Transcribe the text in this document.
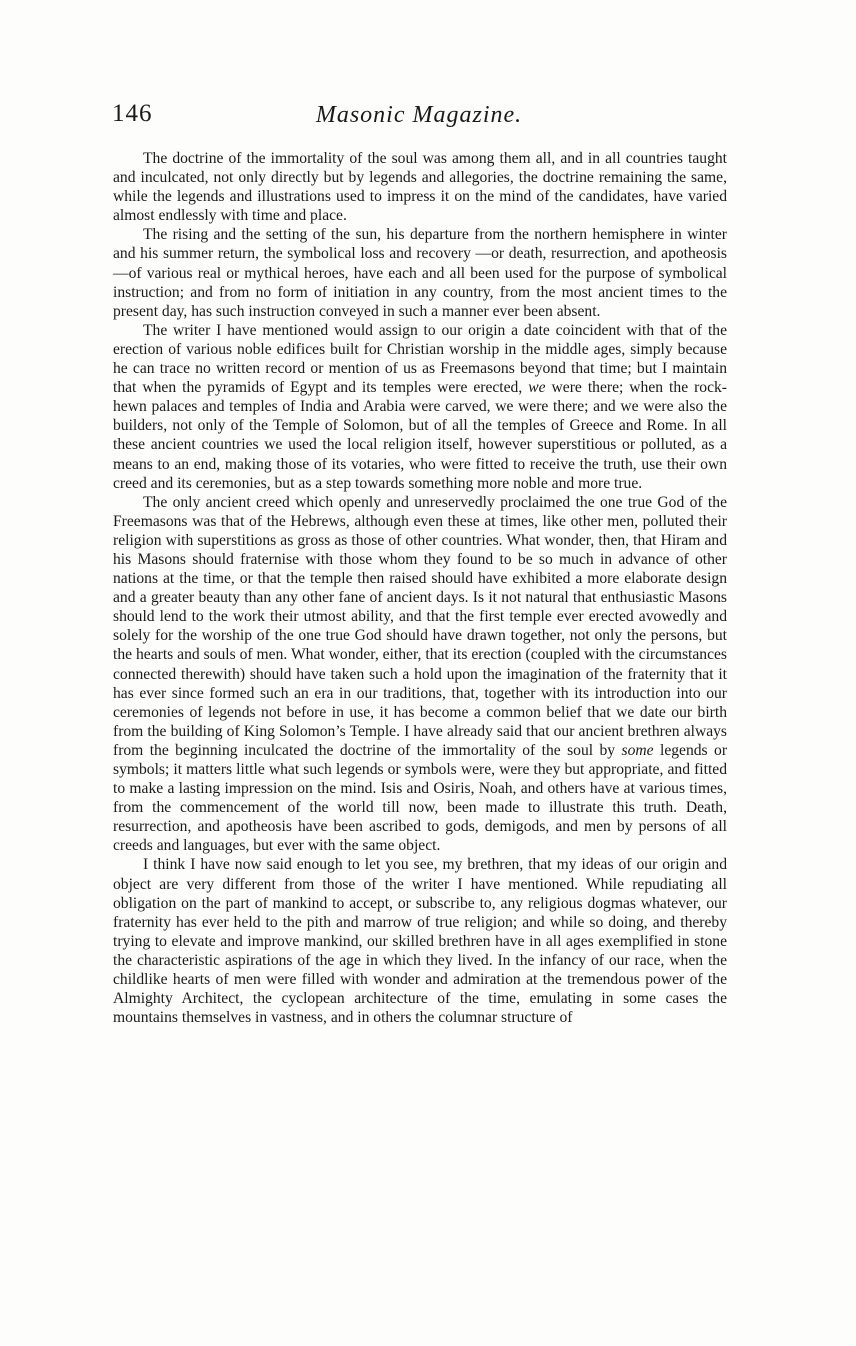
146	Masonic Magazine.

The doctrine of the immortality of the soul was among them all, and in all countries taught and inculcated, not only directly but by legends and allegories, the doctrine remaining the same, while the legends and illustrations used to impress it on the mind of the candidates, have varied almost endlessly with time and place.

The rising and the setting of the sun, his departure from the northern hemisphere in winter and his summer return, the symbolical loss and recovery —or death, resurrection, and apotheosis—of various real or mythical heroes, have each and all been used for the purpose of symbolical instruction; and from no form of initiation in any country, from the most ancient times to the present day, has such instruction conveyed in such a manner ever been absent.

The writer I have mentioned would assign to our origin a date coincident with that of the erection of various noble edifices built for Christian worship in the middle ages, simply because he can trace no written record or mention of us as Freemasons beyond that time; but I maintain that when the pyramids of Egypt and its temples were erected, we were there; when the rock-hewn palaces and temples of India and Arabia were carved, we were there; and we were also the builders, not only of the Temple of Solomon, but of all the temples of Greece and Rome. In all these ancient countries we used the local religion itself, however superstitious or polluted, as a means to an end, making those of its votaries, who were fitted to receive the truth, use their own creed and its ceremonies, but as a step towards something more noble and more true.

The only ancient creed which openly and unreservedly proclaimed the one true God of the Freemasons was that of the Hebrews, although even these at times, like other men, polluted their religion with superstitions as gross as those of other countries. What wonder, then, that Hiram and his Masons should fraternise with those whom they found to be so much in advance of other nations at the time, or that the temple then raised should have exhibited a more elaborate design and a greater beauty than any other fane of ancient days. Is it not natural that enthusiastic Masons should lend to the work their utmost ability, and that the first temple ever erected avowedly and solely for the worship of the one true God should have drawn together, not only the persons, but the hearts and souls of men. What wonder, either, that its erection (coupled with the circumstances connected therewith) should have taken such a hold upon the imagination of the fraternity that it has ever since formed such an era in our traditions, that, together with its introduction into our ceremonies of legends not before in use, it has become a common belief that we date our birth from the building of King Solomon’s Temple. I have already said that our ancient brethren always from the beginning inculcated the doctrine of the immortality of the soul by some legends or symbols; it matters little what such legends or symbols were, were they but appropriate, and fitted to make a lasting impression on the mind. Isis and Osiris, Noah, and others have at various times, from the commencement of the world till now, been made to illustrate this truth. Death, resurrection, and apotheosis have been ascribed to gods, demigods, and men by persons of all creeds and languages, but ever with the same object.

I think I have now said enough to let you see, my brethren, that my ideas of our origin and object are very different from those of the writer I have mentioned. While repudiating all obligation on the part of mankind to accept, or subscribe to, any religious dogmas whatever, our fraternity has ever held to the pith and marrow of true religion; and while so doing, and thereby trying to elevate and improve mankind, our skilled brethren have in all ages exemplified in stone the characteristic aspirations of the age in which they lived. In the infancy of our race, when the childlike hearts of men were filled with wonder and admiration at the tremendous power of the Almighty Architect, the cyclopean architecture of the time, emulating in some cases the mountains themselves in vastness, and in others the columnar structure of
